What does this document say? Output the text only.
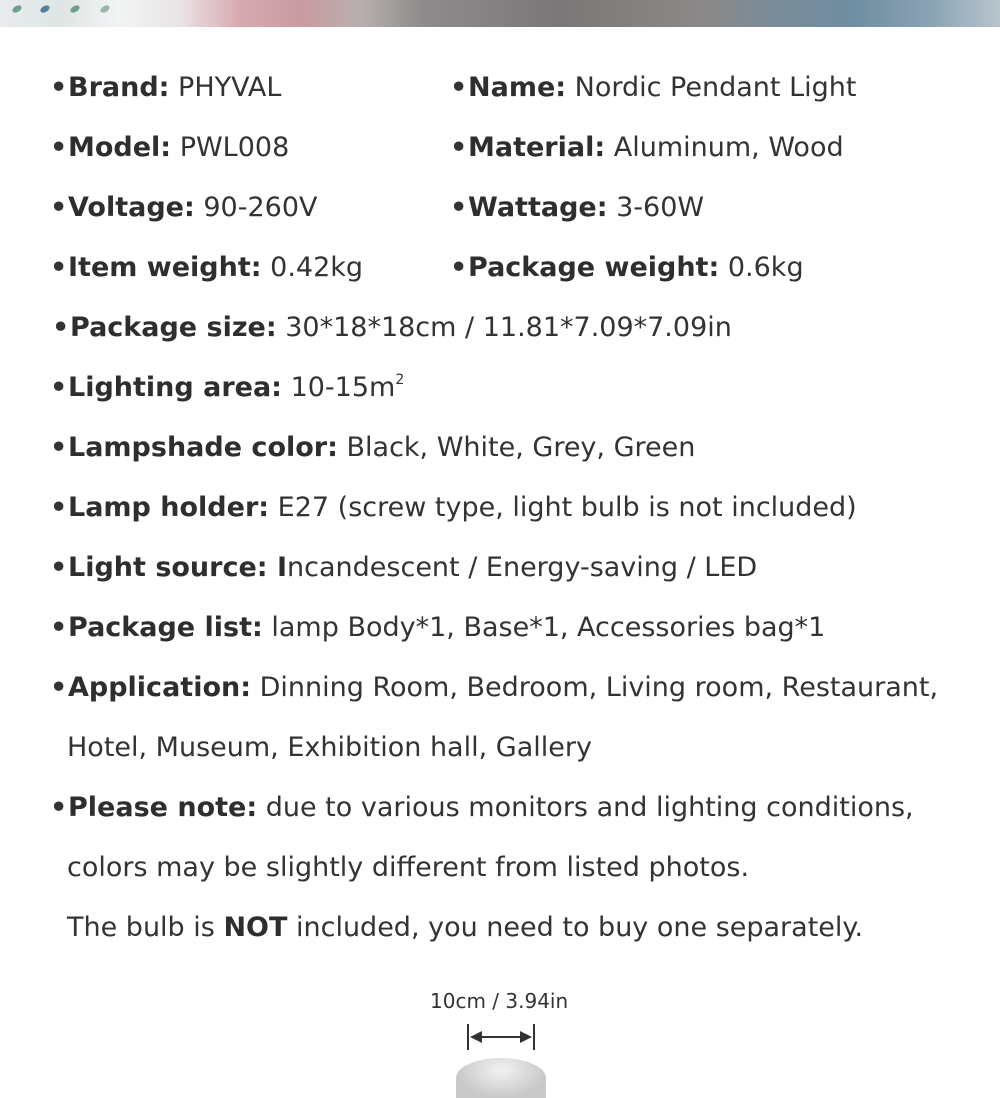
•Brand: PHYVAL	•Name: Nordic Pendant Light
•Model: PWL008	•Material: Aluminum, Wood
•Voltage: 90-260V	•Wattage: 3-60W
•Item weight: 0.42kg	•Package weight: 0.6kg
•Package size: 30*18*18cm / 11.81*7.09*7.09in
•Lighting area: $10-15m^2$
•Lampshade color: Black, White, Grey, Green
•Lamp holder: E27 (screw type, light bulb is not included)
•Light source: Incandescent / Energy-saving / LED
•Package list: lamp Body*1, Base*1, Accessories bag*1
•Application: Dinning Room, Bedroom, Living room, Restaurant,
Hotel, Museum, Exhibition hall, Gallery
•Please note: due to various monitors and lighting conditions,
colors may be slightly different from listed photos.
The bulb is NOT included, you need to buy one separately.
10cm / 3.94in
